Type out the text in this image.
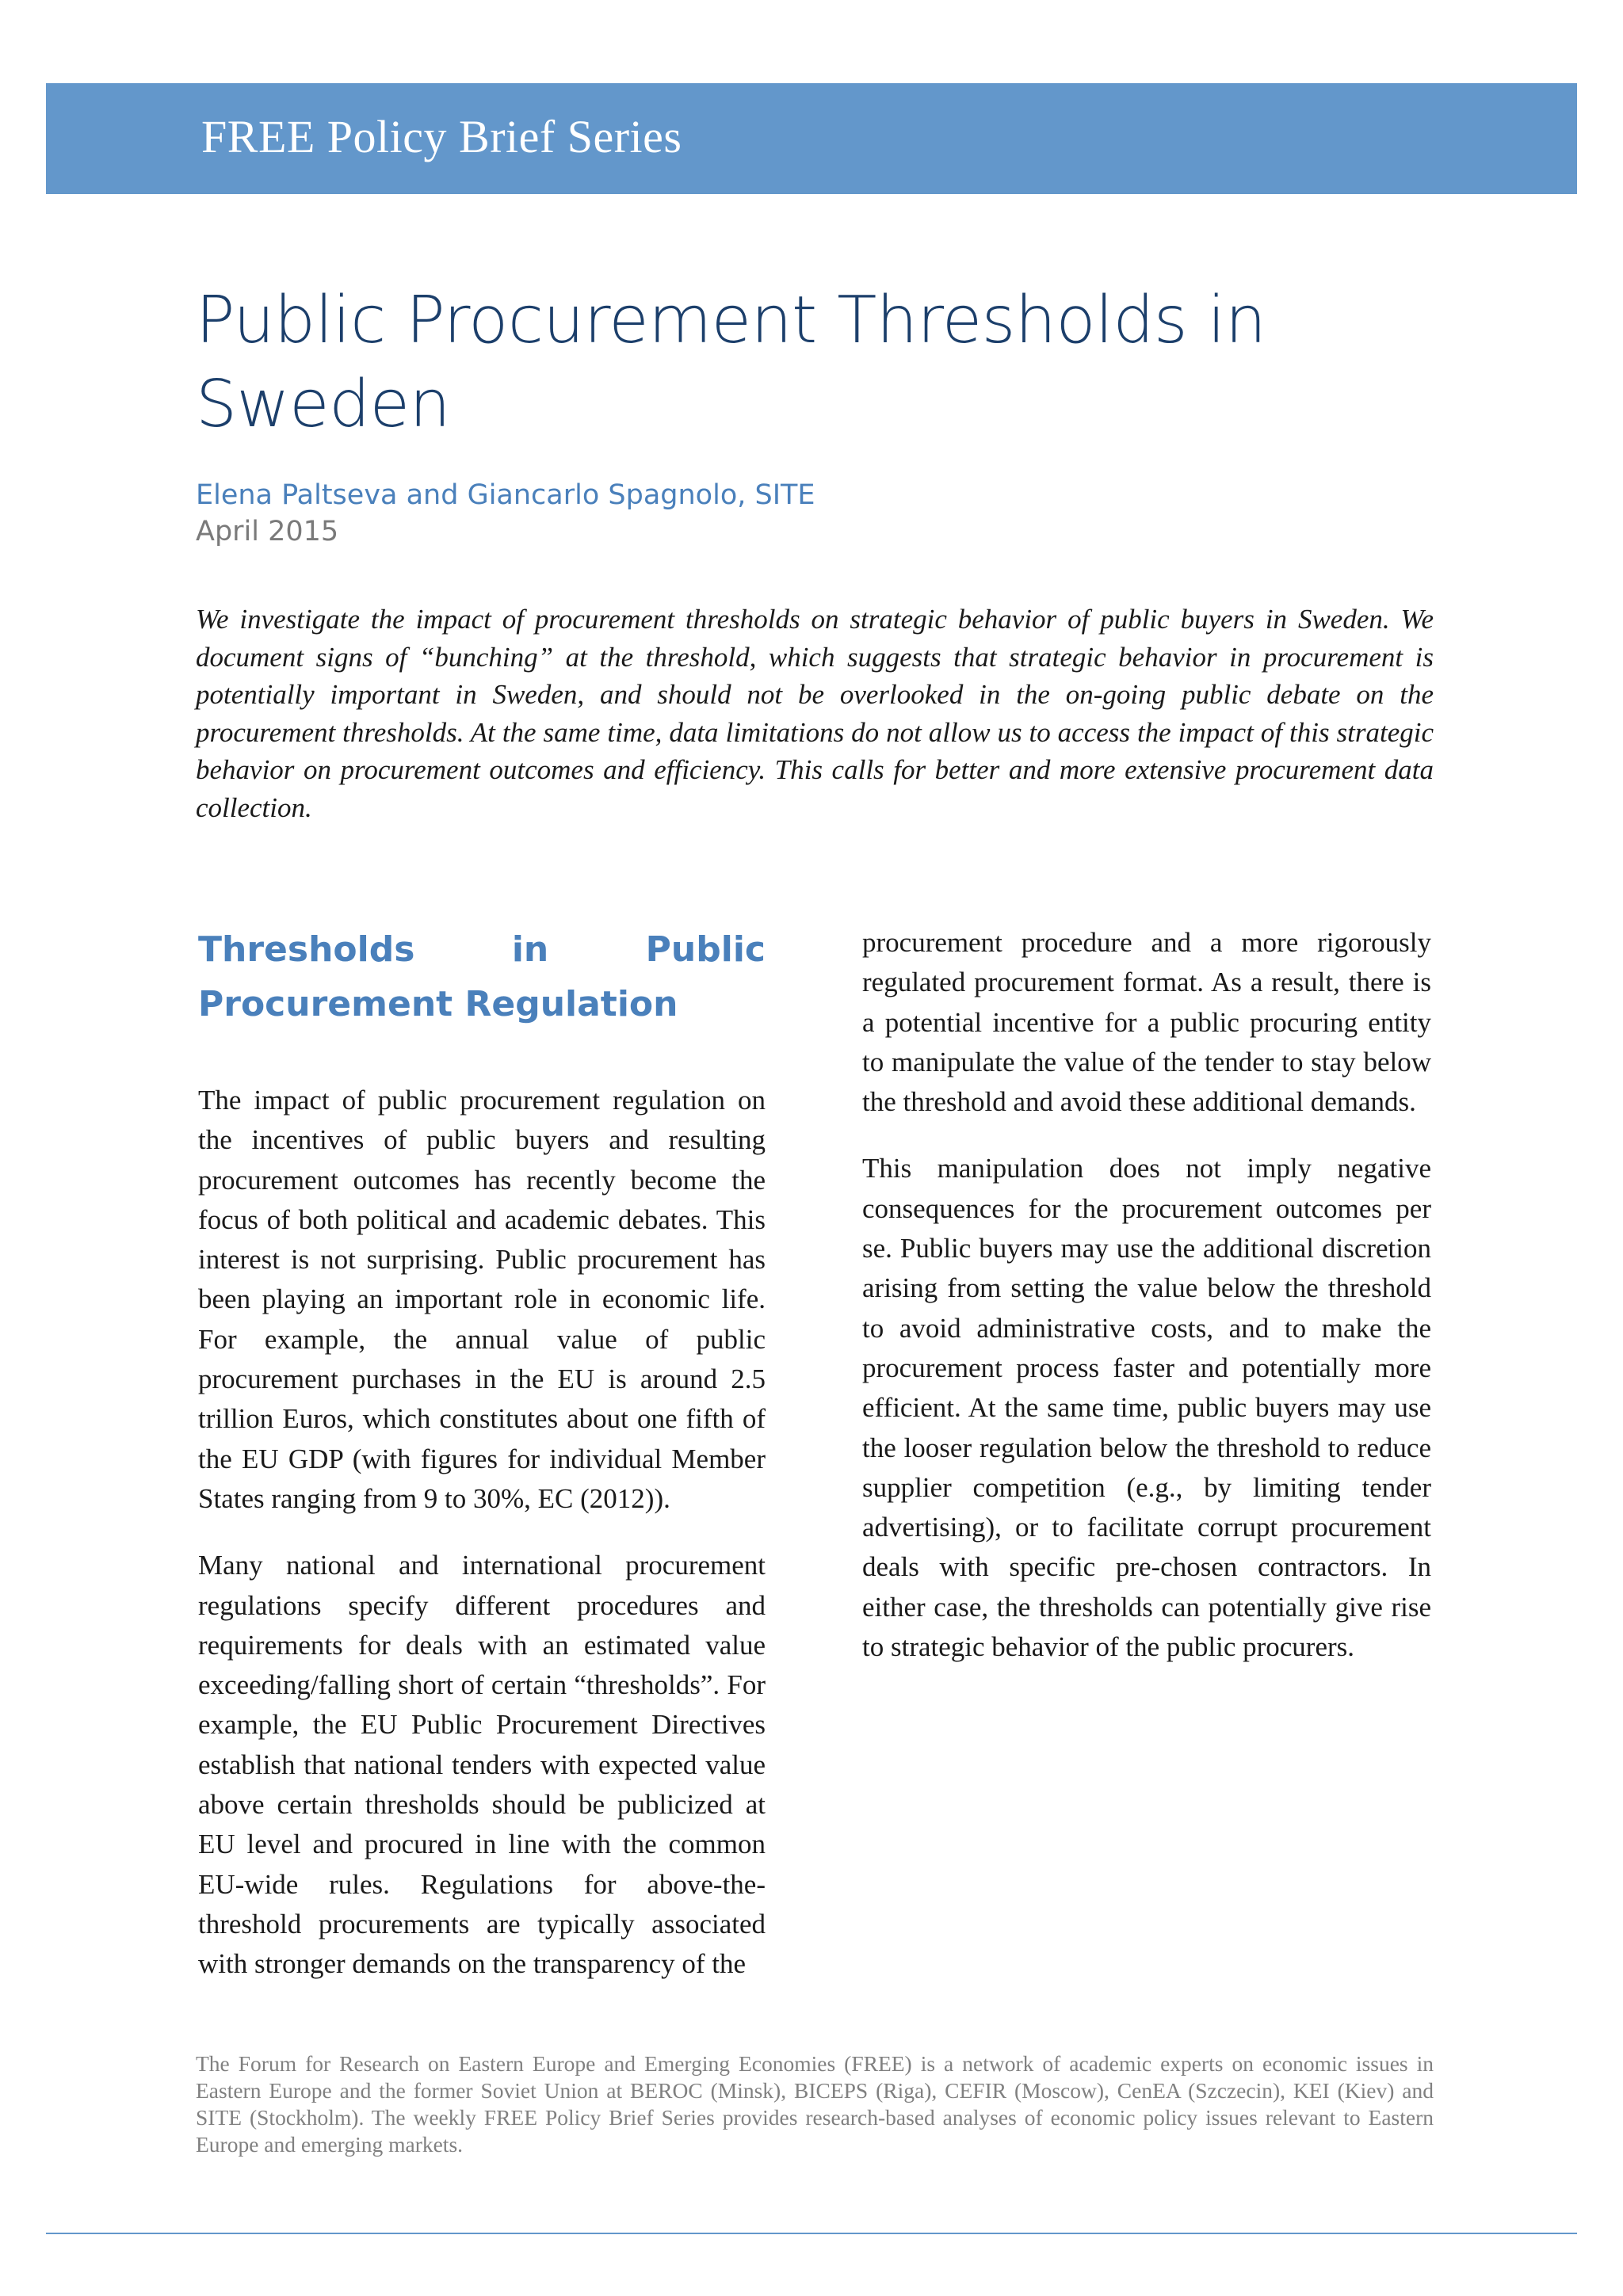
FREE Policy Brief Series
Public Procurement Thresholds in Sweden

Elena Paltseva and Giancarlo Spagnolo, SITE

April 2015

We investigate the impact of procurement thresholds on strategic behavior of public buyers in Sweden. We document signs of “bunching” at the threshold, which suggests that strategic behavior in procurement is potentially important in Sweden, and should not be overlooked in the on-going public debate on the procurement thresholds. At the same time, data limitations do not allow us to access the impact of this strategic behavior on procurement outcomes and efficiency. This calls for better and more extensive procurement data collection.

Thresholds in Public
Procurement Regulation

The impact of public procurement regulation on the incentives of public buyers and resulting procurement outcomes has recently become the focus of both political and academic debates. This interest is not surprising. Public procurement has been playing an important role in economic life. For example, the annual value of public procurement purchases in the EU is around 2.5 trillion Euros, which constitutes about one fifth of the EU GDP (with figures for individual Member States ranging from 9 to 30%, EC (2012)).

Many national and international procurement regulations specify different procedures and requirements for deals with an estimated value exceeding/falling short of certain “thresholds”. For example, the EU Public Procurement Directives establish that national tenders with expected value above certain thresholds should be publicized at EU level and procured in line with the common EU-wide rules. Regulations for above-the-threshold procurements are typically associated with stronger demands on the transparency of the

procurement procedure and a more rigorously regulated procurement format. As a result, there is a potential incentive for a public procuring entity to manipulate the value of the tender to stay below the threshold and avoid these additional demands.

This manipulation does not imply negative consequences for the procurement outcomes per se. Public buyers may use the additional discretion arising from setting the value below the threshold to avoid administrative costs, and to make the procurement process faster and potentially more efficient. At the same time, public buyers may use the looser regulation below the threshold to reduce supplier competition (e.g., by limiting tender advertising), or to facilitate corrupt procurement deals with specific pre-chosen contractors. In either case, the thresholds can potentially give rise to strategic behavior of the public procurers.

The Forum for Research on Eastern Europe and Emerging Economies (FREE) is a network of academic experts on economic issues in Eastern Europe and the former Soviet Union at BEROC (Minsk), BICEPS (Riga), CEFIR (Moscow), CenEA (Szczecin), KEI (Kiev) and SITE (Stockholm). The weekly FREE Policy Brief Series provides research-based analyses of economic policy issues relevant to Eastern Europe and emerging markets.
